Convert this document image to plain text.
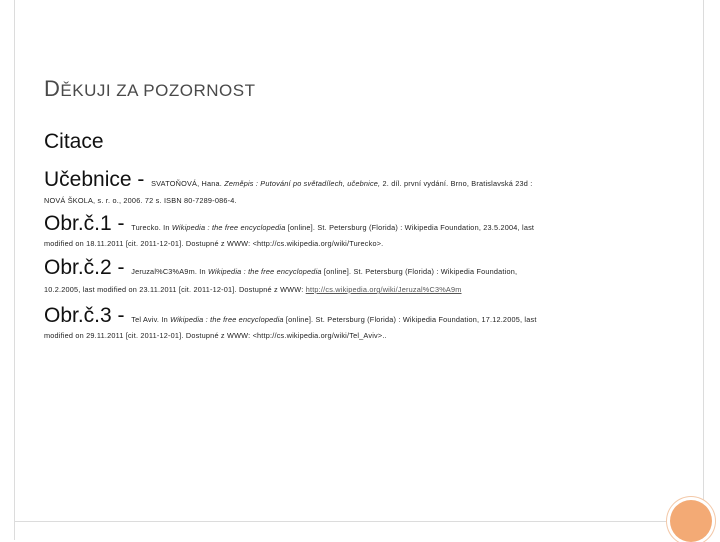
DĚKUJI ZA POZORNOST
Citace
Učebnice - SVATOŇOVÁ, Hana. Zeměpis : Putování po světadílech, učebnice, 2. díl. první vydání. Brno, Bratislavská 23d :
NOVÁ ŠKOLA, s. r. o., 2006. 72 s. ISBN 80-7289-086-4.
Obr.č.1 - Turecko. In Wikipedia : the free encyclopedia [online]. St. Petersburg (Florida) : Wikipedia Foundation, 23.5.2004, last
modified on 18.11.2011 [cit. 2011-12-01]. Dostupné z WWW: <http://cs.wikipedia.org/wiki/Turecko>.
Obr.č.2 - Jeruzal%C3%A9m. In Wikipedia : the free encyclopedia [online]. St. Petersburg (Florida) : Wikipedia Foundation,
10.2.2005, last modified on 23.11.2011 [cit. 2011-12-01]. Dostupné z WWW: http://cs.wikipedia.org/wiki/Jeruzal%C3%A9m
Obr.č.3 - Tel Aviv. In Wikipedia : the free encyclopedia [online]. St. Petersburg (Florida) : Wikipedia Foundation, 17.12.2005, last
modified on 29.11.2011 [cit. 2011-12-01]. Dostupné z WWW: <http://cs.wikipedia.org/wiki/Tel_Aviv>..
